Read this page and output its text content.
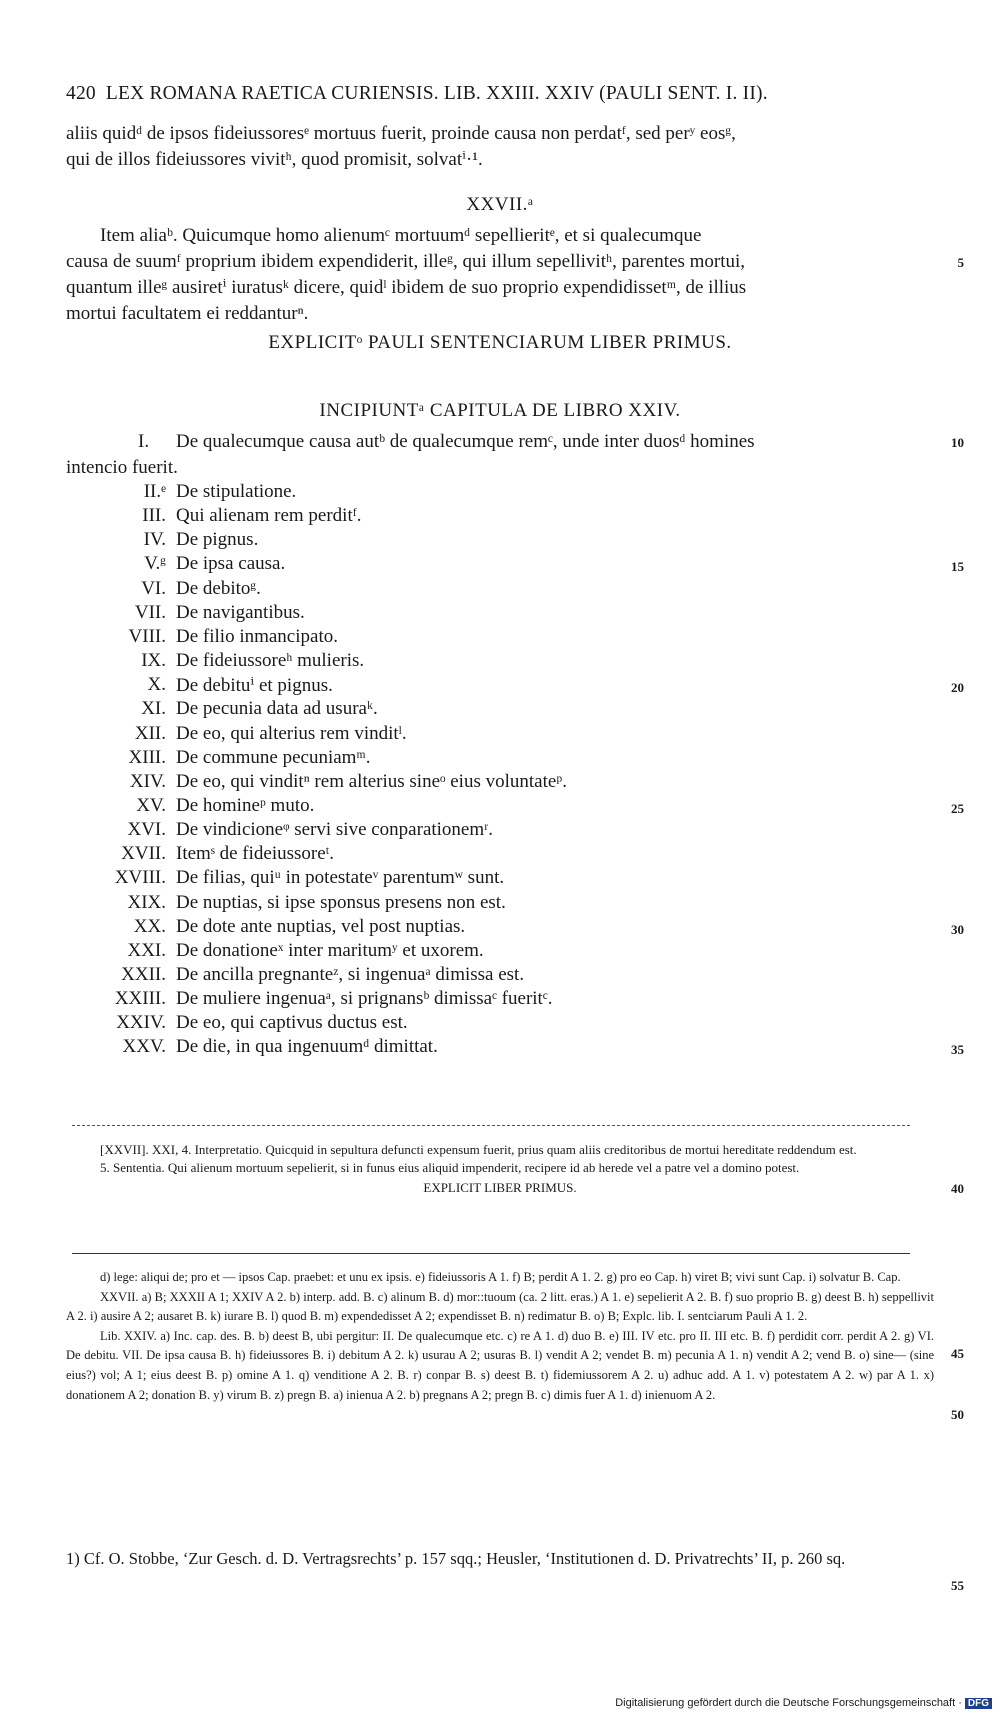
420 LEX ROMANA RAETICA CURIENSIS. LIB. XXIII. XXIV (PAULI SENT. I. II).
aliis quidᵈ de ipsos fideiussoresᵉ mortuus fuerit, proinde causa non perdatᶠ, sed perʸ eosᵍ,
qui de illos fideiussores vivitʰ, quod promisit, solvatⁱ·¹.
XXVII.ᵃ
Item aliaᵇ. Quicumque homo alienumᶜ mortuumᵈ sepellieritᵉ, et si qualecumque
causa de suumᶠ proprium ibidem expendiderit, illeᵍ, qui illum sepellivitʰ, parentes mortui,	5
quantum illeᵍ ausiretⁱ iuratusᵏ dicere, quidˡ ibidem de suo proprio expendidissetᵐ, de illius
mortui facultatem ei reddanturⁿ.
EXPLICITᵒ PAULI SENTENCIARUM LIBER PRIMUS.
INCIPIUNTᵃ CAPITULA DE LIBRO XXIV.
I. De qualecumque causa autᵇ de qualecumque remᶜ, unde inter duosᵈ homines	10

intencio fuerit.
II.ᵉ De stipulatione.
III. Qui alienam rem perditᶠ.
IV. De pignus.
V.ᵍ De ipsa causa.	15
VI. De debitoᵍ.
VII. De navigantibus.
VIII. De filio inmancipato.
IX. De fideiussoreʰ mulieris.
X. De debituⁱ et pignus.	20
XI. De pecunia data ad usuraᵏ.
XII. De eo, qui alterius rem vinditˡ.
XIII. De commune pecuniamᵐ.
XIV. De eo, qui vinditⁿ rem alterius sineᵒ eius voluntateᵖ.
XV. De homineᵖ muto.	25
XVI. De vindicioneᵠ servi sive conparationemʳ.
XVII. Itemˢ de fideiussoreᵗ.
XVIII. De filias, quiᵘ in potestateᵛ parentumʷ sunt.
XIX. De nuptias, si ipse sponsus presens non est.
XX. De dote ante nuptias, vel post nuptias.	30
XXI. De donationeˣ inter maritumʸ et uxorem.
XXII. De ancilla pregnanteᶻ, si ingenuaᵃ dimissa est.
XXIII. De muliere ingenuaᵃ, si prignansᵇ dimissaᶜ fueritᶜ.
XXIV. De eo, qui captivus ductus est.
XXV. De die, in qua ingenuumᵈ dimittat.	35

[XXVII]. XXI, 4. Interpretatio. Quicquid in sepultura defuncti expensum fuerit, prius quam aliis creditoribus de mortui hereditate reddendum est.

5. Sententia. Qui alienum mortuum sepelierit, si in funus eius aliquid impenderit, recipere id ab herede vel a patre vel a domino potest.

EXPLICIT LIBER PRIMUS.	40

d) lege: aliqui de; pro et — ipsos Cap. praebet: et unu ex ipsis. e) fideiussoris A 1. f) B; perdit A 1. 2. g) pro eo Cap. h) viret B; vivi sunt Cap. i) solvatur B. Cap.

XXVII. a) B; XXXII A 1; XXIV A 2. b) interp. add. B. c) alinum B. d) mor::tuoum (ca. 2 litt. eras.) A 1. e) sepelierit A 2. B. f) suo proprio B. g) deest B. h) seppellivit A 2. i) ausire A 2; ausaret B. k) iurare B. l) quod B. m) expendedisset A 2; expendisset B. n) redimatur B. o) B; Explc. lib. I. sentciarum Pauli A 1. 2.

45

Lib. XXIV. a) Inc. cap. des. B. b) deest B, ubi pergitur: II. De qualecumque etc. c) re A 1. d) duo B. e) III. IV etc. pro II. III etc. B. f) perdidit corr. perdit A 2. g) VI. De debitu. VII. De ipsa causa B. h) fideiussores B. i) debitum A 2. k) usurau A 2; usuras B. l) vendit A 2; vendet B. m) pecunia A 1. n) vendit A 2; vend B. o) sine— (sine eius?) vol; A 1; eius deest B. p) omine A 1. q) venditione A 2. B. r) conpar B. s) deest B. t) fidemiussorem A 2. u) adhuc add. A 1. v) potestatem A 2. w) par A 1. x) donationem A 2; donation B. y) virum B. z) pregn B. a) inienua A 2. b) pregnans A 2; pregn B. c) dimis fuer A 1. d) inienuom A 2.

50

1) Cf. O. Stobbe, ‘Zur Gesch. d. D. Vertragsrechts’ p. 157 sqq.; Heusler, ‘Institutionen d. D. Privatrechts’ II, p. 260 sq.

55
Digitalisierung gefördert durch die Deutsche Forschungsgemeinschaft · DFG
